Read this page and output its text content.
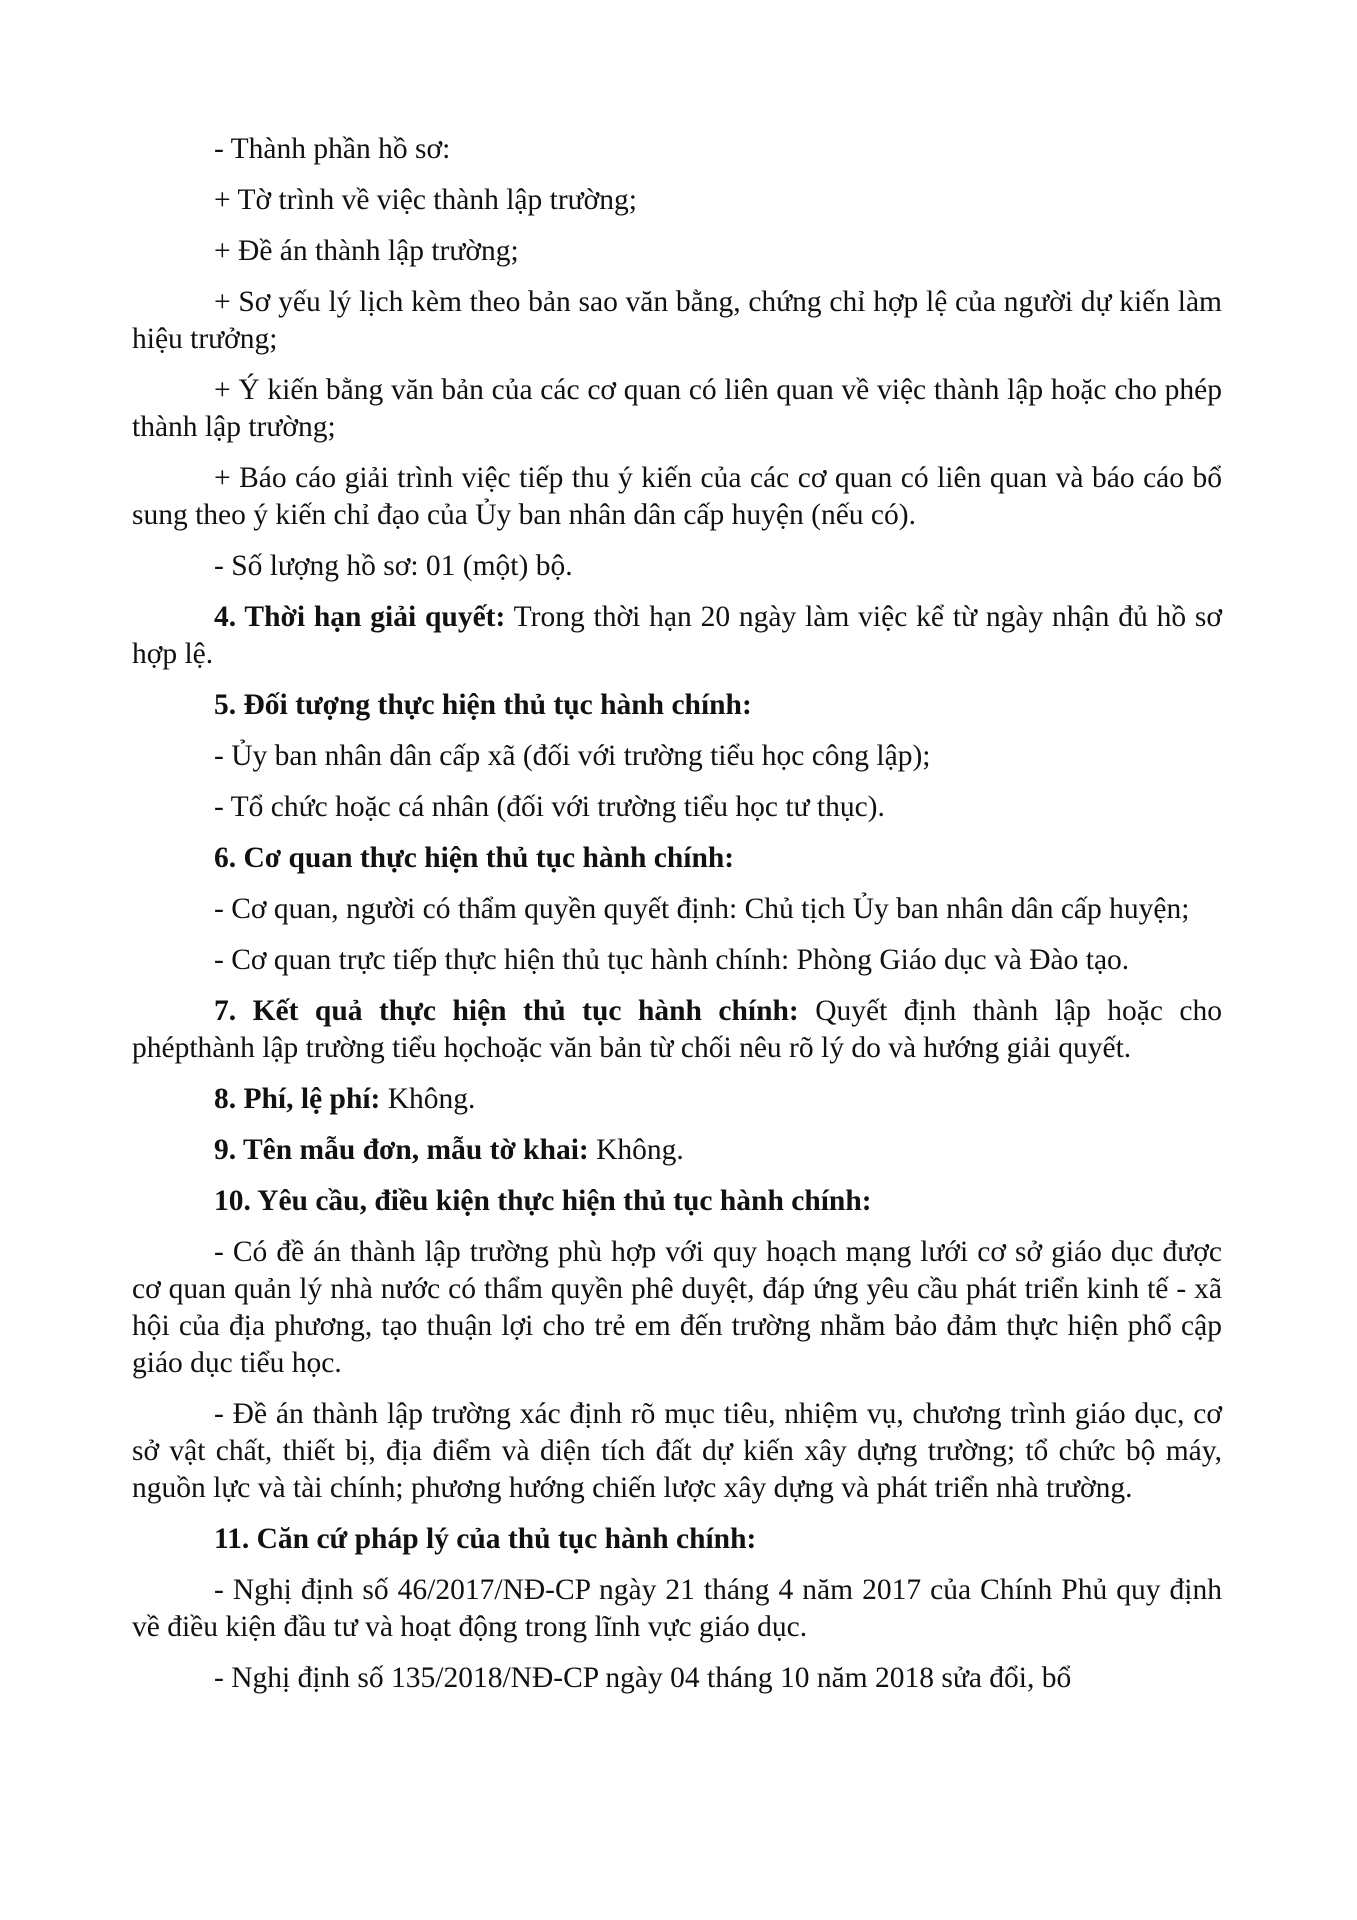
- Thành phần hồ sơ:

+ Tờ trình về việc thành lập trường;

+ Đề án thành lập trường;

+ Sơ yếu lý lịch kèm theo bản sao văn bằng, chứng chỉ hợp lệ của người dự kiến làm hiệu trưởng;

+ Ý kiến bằng văn bản của các cơ quan có liên quan về việc thành lập hoặc cho phép thành lập trường;

+ Báo cáo giải trình việc tiếp thu ý kiến của các cơ quan có liên quan và báo cáo bổ sung theo ý kiến chỉ đạo của Ủy ban nhân dân cấp huyện (nếu có).

- Số lượng hồ sơ: 01 (một) bộ.

4. Thời hạn giải quyết: Trong thời hạn 20 ngày làm việc kể từ ngày nhận đủ hồ sơ hợp lệ.

5. Đối tượng thực hiện thủ tục hành chính:

- Ủy ban nhân dân cấp xã (đối với trường tiểu học công lập);

- Tổ chức hoặc cá nhân (đối với trường tiểu học tư thục).

6. Cơ quan thực hiện thủ tục hành chính:

- Cơ quan, người có thẩm quyền quyết định: Chủ tịch Ủy ban nhân dân cấp huyện;

- Cơ quan trực tiếp thực hiện thủ tục hành chính: Phòng Giáo dục và Đào tạo.

7. Kết quả thực hiện thủ tục hành chính: Quyết định thành lập hoặc cho phépthành lập trường tiểu họchoặc văn bản từ chối nêu rõ lý do và hướng giải quyết.

8. Phí, lệ phí: Không.

9. Tên mẫu đơn, mẫu tờ khai: Không.

10. Yêu cầu, điều kiện thực hiện thủ tục hành chính:

- Có đề án thành lập trường phù hợp với quy hoạch mạng lưới cơ sở giáo dục được cơ quan quản lý nhà nước có thẩm quyền phê duyệt, đáp ứng yêu cầu phát triển kinh tế - xã hội của địa phương, tạo thuận lợi cho trẻ em đến trường nhằm bảo đảm thực hiện phổ cập giáo dục tiểu học.

- Đề án thành lập trường xác định rõ mục tiêu, nhiệm vụ, chương trình giáo dục, cơ sở vật chất, thiết bị, địa điểm và diện tích đất dự kiến xây dựng trường; tổ chức bộ máy, nguồn lực và tài chính; phương hướng chiến lược xây dựng và phát triển nhà trường.

11. Căn cứ pháp lý của thủ tục hành chính:

- Nghị định số 46/2017/NĐ-CP ngày 21 tháng 4 năm 2017 của Chính Phủ quy định về điều kiện đầu tư và hoạt động trong lĩnh vực giáo dục.

- Nghị định số 135/2018/NĐ-CP ngày 04 tháng 10 năm 2018 sửa đổi, bổ
